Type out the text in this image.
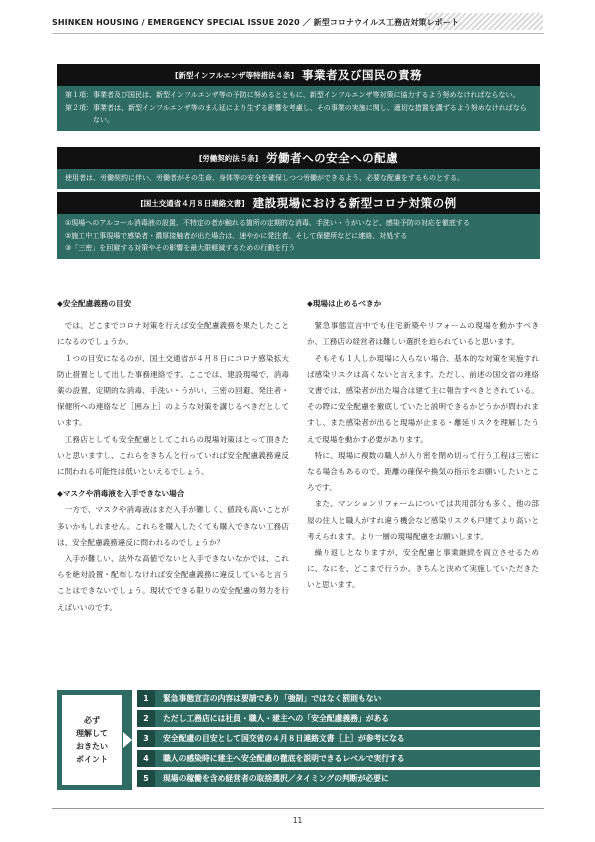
SHINKEN HOUSING / EMERGENCY SPECIAL ISSUE 2020 ／ 新型コロナウイルス工務店対策レポート
[新型インフルエンザ等特措法４条] 事業者及び国民の責務
第１項： 事業者及び国民は、新型インフルエンザ等の予防に努めるとともに、新型インフルエンザ等対策に協力するよう努めなければならない。
第２項： 事業者は、新型インフルエンザ等のまん延により生ずる影響を考慮し、その事業の実施に関し、適切な措置を講ずるよう努めなければならない。
[労働契約法５条] 労働者への安全への配慮
使用者は、労働契約に伴い、労働者がその生命、身体等の安全を確保しつつ労働ができるよう、必要な配慮をするものとする。
[国土交通省４月８日連絡文書] 建設現場における新型コロナ対策の例
① 現場へのアルコール消毒液の設置、不特定の者が触れる箇所の定期的な消毒、手洗い・うがいなど、感染予防の対応を徹底する
② 施工中工事現場で感染者・濃厚接触者が出た場合は、速やかに発注者、そして保健所などに連絡、対処する
③ 「三密」を回避する対策やその影響を最大限軽減するための行動を行う
◆安全配慮義務の目安

では、どこまでコロナ対策を行えば安全配慮義務を果たしたことになるのでしょうか。

１つの目安になるのが、国土交通省が４月８日にコロナ感染拡大防止措置として出した事務連絡です。ここでは、建設現場で、消毒薬の設置、定期的な消毒、手洗い・うがい、三密の回避、発注者・保健所への連絡など［囲み上］のような対策を講じるべきだとしています。

工務店としても安全配慮としてこれらの現場対策はとって頂きたいと思いますし、これらをきちんと行っていれば安全配慮義務違反に問われる可能性は低いといえるでしょう。

◆マスクや消毒液を入手できない場合

一方で、マスクや消毒液はまだ入手が難しく、値段も高いことが多いかもしれません。これらを購入したくても購入できない工務店は、安全配慮義務違反に問われるのでしょうか？

入手が難しい、法外な高値でないと入手できないなかでは、これらを絶対設置・配布しなければ安全配慮義務に違反していると言うことはできないでしょう。現状でできる限りの安全配慮の努力を行えばいいのです。

◆現場は止めるべきか

緊急事態宣言中でも住宅新築やリフォームの現場を動かすべきか、工務店の経営者は難しい選択を迫られていると思います。

そもそも１人しか現場に入らない場合、基本的な対策を実施すれば感染リスクは高くないと言えます。ただし、前述の国交省の連絡文書では、感染者が出た場合は建て主に報告すべきとされている。その際に安全配慮を徹底していたと説明できるかどうかが問われますし、また感染者が出ると現場が止まる・離延リスクを理解したうえで現場を動かす必要があります。

特に、現場に複数の職人が入り密を閉め切って行う工程は三密になる場合もあるので、距離の確保や換気の指示をお願いしたいところです。

また、マンションリフォームについては共用部分も多く、他の部屋の住人と職人がすれ違う機会など感染リスクも戸建てより高いと考えられます。より一層の現場配慮をお願いします。

繰り返しとなりますが、安全配慮と事業継続を両立させるために、なにを、どこまで行うか、きちんと決めて実施していただきたいと思います。

必ず
理解して
おきたい
ポイント
1	緊急事態宣言の内容は要請であり「強制」ではなく罰則もない
2	ただし工務店には社員・職人・建主への「安全配慮義務」がある
3	安全配慮の目安として国交省の４月８日連絡文書［上］が参考になる
4	職人の感染時に建主へ安全配慮の徹底を説明できるレベルで実行する
5	現場の稼働を含め経営者の取捨選択／タイミングの判断が必要に
11
